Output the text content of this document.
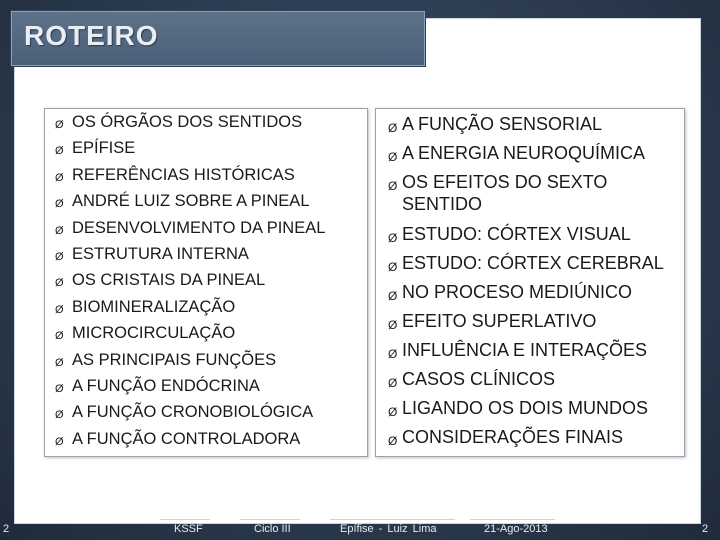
ROTEIRO
Ø OS ÓRGÃOS DOS SENTIDOS
Ø EPÍFISE
Ø REFERÊNCIAS HISTÓRICAS
Ø ANDRÉ LUIZ SOBRE A PINEAL
Ø DESENVOLVIMENTO DA PINEAL
Ø ESTRUTURA INTERNA
Ø OS CRISTAIS DA PINEAL
Ø BIOMINERALIZAÇÃO
Ø MICROCIRCULAÇÃO
Ø AS PRINCIPAIS FUNÇÕES
Ø A FUNÇÃO ENDÓCRINA
Ø A FUNÇÃO CRONOBIOLÓGICA
Ø A FUNÇÃO CONTROLADORA
Ø A FUNÇÃO SENSORIAL
Ø A ENERGIA NEUROQUÍMICA
Ø OS EFEITOS DO SEXTO SENTIDO
Ø ESTUDO: CÓRTEX VISUAL
Ø ESTUDO: CÓRTEX CEREBRAL
Ø NO PROCESO MEDIÚNICO
Ø EFEITO SUPERLATIVO
Ø INFLUÊNCIA E INTERAÇÕES
Ø CASOS CLÍNICOS
Ø LIGANDO OS DOIS MUNDOS
Ø CONSIDERAÇÕES FINAIS
2	KSSF	Ciclo III	Epífise - Luiz Lima	21-Ago-2013	2
